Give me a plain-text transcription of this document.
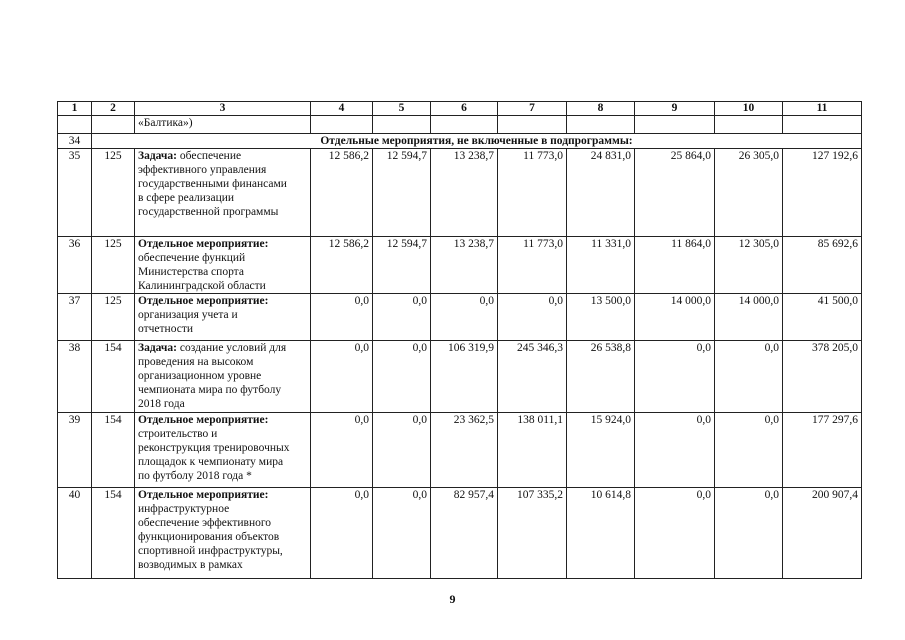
1	2	3	4	5	6	7	8	9	10	11
		«Балтика»)								
34	Отдельные мероприятия, не включенные в подпрограммы:									
35	125	Задача: обеспечение
эффективного управления
государственными финансами
в сфере реализации
государственной программы	12 586,2	12 594,7	13 238,7	11 773,0	24 831,0	25 864,0	26 305,0	127 192,6
36	125	Отдельное мероприятие: обеспечение функций
Министерства спорта
Калининградской области	12 586,2	12 594,7	13 238,7	11 773,0	11 331,0	11 864,0	12 305,0	85 692,6
37	125	Отдельное мероприятие: организация учета и
отчетности	0,0	0,0	0,0	0,0	13 500,0	14 000,0	14 000,0	41 500,0
38	154	Задача: создание условий для
проведения на высоком
организационном уровне
чемпионата мира по футболу
2018 года	0,0	0,0	106 319,9	245 346,3	26 538,8	0,0	0,0	378 205,0
39	154	Отдельное мероприятие: строительство и
реконструкция тренировочных
площадок к чемпионату мира
по футболу 2018 года *	0,0	0,0	23 362,5	138 011,1	15 924,0	0,0	0,0	177 297,6
40	154	Отдельное мероприятие: инфраструктурное
обеспечение эффективного
функционирования объектов
спортивной инфраструктуры,
возводимых в рамках	0,0	0,0	82 957,4	107 335,2	10 614,8	0,0	0,0	200 907,4
9
